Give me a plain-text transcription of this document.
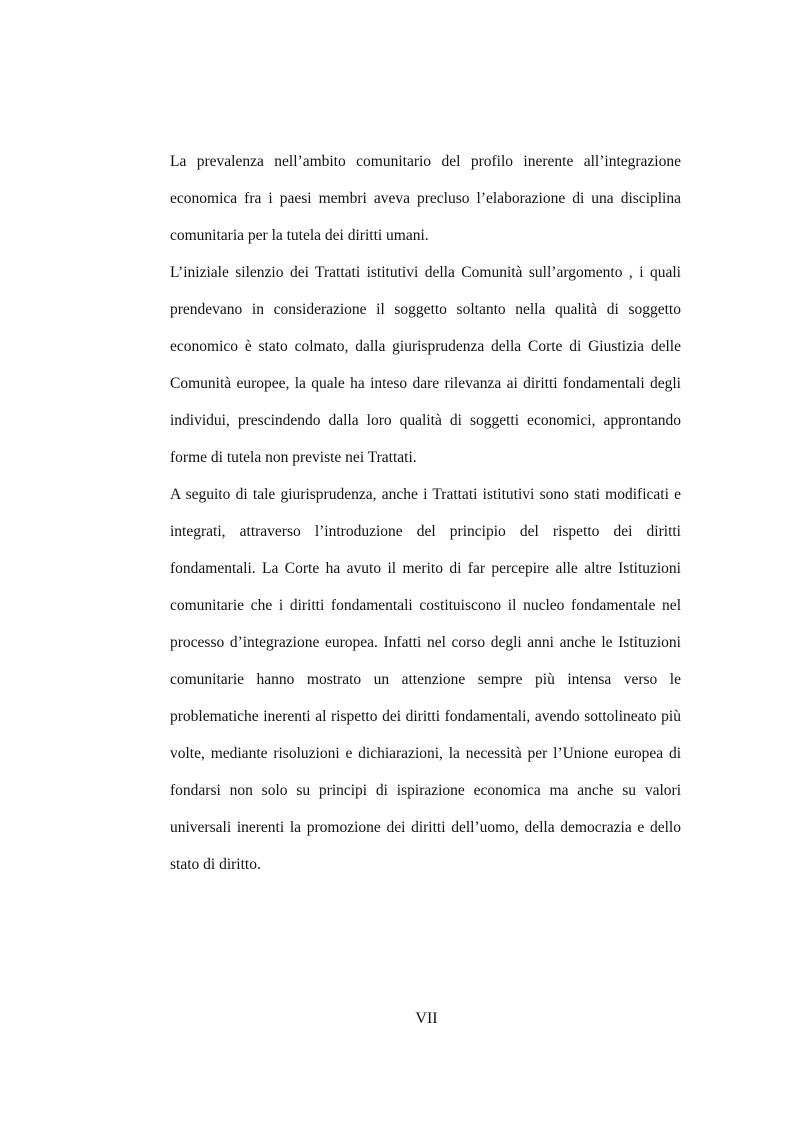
La prevalenza nell’ambito comunitario del profilo inerente all’integrazione economica fra i paesi membri aveva precluso l’elaborazione di una disciplina comunitaria per la tutela dei diritti umani.

L’iniziale silenzio dei Trattati istitutivi della Comunità sull’argomento , i quali prendevano in considerazione il soggetto soltanto nella qualità di soggetto economico è stato colmato, dalla giurisprudenza della Corte di Giustizia delle Comunità europee, la quale ha inteso dare rilevanza ai diritti fondamentali degli individui, prescindendo dalla loro qualità di soggetti economici, approntando forme di tutela non previste nei Trattati.

A seguito di tale giurisprudenza, anche i Trattati istitutivi sono stati modificati e integrati, attraverso l’introduzione del principio del rispetto dei diritti fondamentali. La Corte ha avuto il merito di far percepire alle altre Istituzioni comunitarie che i diritti fondamentali costituiscono il nucleo fondamentale nel processo d’integrazione europea. Infatti nel corso degli anni anche le Istituzioni comunitarie hanno mostrato un attenzione sempre più intensa verso le problematiche inerenti al rispetto dei diritti fondamentali, avendo sottolineato più volte, mediante risoluzioni e dichiarazioni, la necessità per l’Unione europea di fondarsi non solo su principi di ispirazione economica ma anche su valori universali inerenti la promozione dei diritti dell’uomo, della democrazia e dello stato di diritto.

VII
